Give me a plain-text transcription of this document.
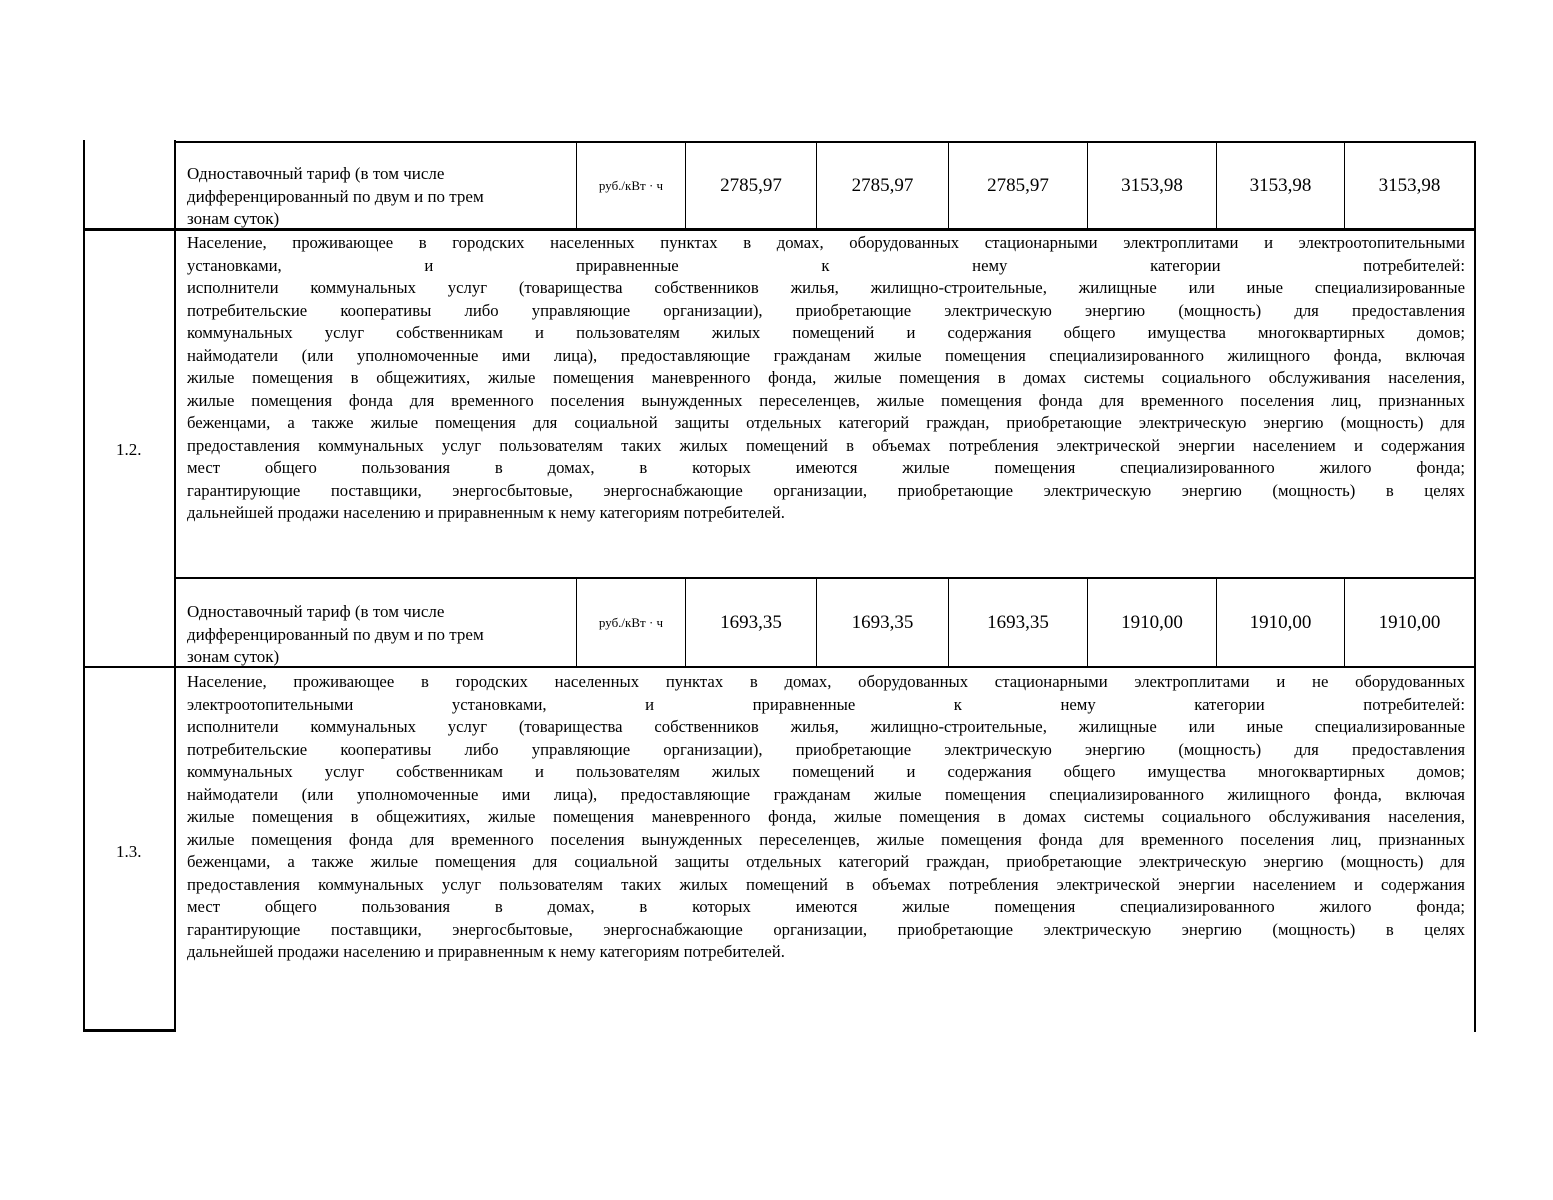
Одноставочный тариф (в том числе
дифференцированный по двум и по трем
зонам суток)
руб./кВт · ч	2785,97	2785,97	2785,97	3153,98	3153,98	3153,98
1.2.
Население, проживающее в городских населенных пунктах в домах, оборудованных стационарными электроплитами и электроотопительными
установками, и приравненные к нему категории потребителей:
исполнители коммунальных услуг (товарищества собственников жилья, жилищно-строительные, жилищные или иные специализированные
потребительские кооперативы либо управляющие организации), приобретающие электрическую энергию (мощность) для предоставления
коммунальных услуг собственникам и пользователям жилых помещений и содержания общего имущества многоквартирных домов;
наймодатели (или уполномоченные ими лица), предоставляющие гражданам жилые помещения специализированного жилищного фонда, включая
жилые помещения в общежитиях, жилые помещения маневренного фонда, жилые помещения в домах системы социального обслуживания населения,
жилые помещения фонда для временного поселения вынужденных переселенцев, жилые помещения фонда для временного поселения лиц, признанных
беженцами, а также жилые помещения для социальной защиты отдельных категорий граждан, приобретающие электрическую энергию (мощность) для
предоставления коммунальных услуг пользователям таких жилых помещений в объемах потребления электрической энергии населением и содержания
мест общего пользования в домах, в которых имеются жилые помещения специализированного жилого фонда;
гарантирующие поставщики, энергосбытовые, энергоснабжающие организации, приобретающие электрическую энергию (мощность) в целях
дальнейшей продажи населению и приравненным к нему категориям потребителей.
Одноставочный тариф (в том числе
дифференцированный по двум и по трем
зонам суток)
руб./кВт · ч	1693,35	1693,35	1693,35	1910,00	1910,00	1910,00
1.3.
Население, проживающее в городских населенных пунктах в домах, оборудованных стационарными электроплитами и не оборудованных
электроотопительными установками, и приравненные к нему категории потребителей:
исполнители коммунальных услуг (товарищества собственников жилья, жилищно-строительные, жилищные или иные специализированные
потребительские кооперативы либо управляющие организации), приобретающие электрическую энергию (мощность) для предоставления
коммунальных услуг собственникам и пользователям жилых помещений и содержания общего имущества многоквартирных домов;
наймодатели (или уполномоченные ими лица), предоставляющие гражданам жилые помещения специализированного жилищного фонда, включая
жилые помещения в общежитиях, жилые помещения маневренного фонда, жилые помещения в домах системы социального обслуживания населения,
жилые помещения фонда для временного поселения вынужденных переселенцев, жилые помещения фонда для временного поселения лиц, признанных
беженцами, а также жилые помещения для социальной защиты отдельных категорий граждан, приобретающие электрическую энергию (мощность) для
предоставления коммунальных услуг пользователям таких жилых помещений в объемах потребления электрической энергии населением и содержания
мест общего пользования в домах, в которых имеются жилые помещения специализированного жилого фонда;
гарантирующие поставщики, энергосбытовые, энергоснабжающие организации, приобретающие электрическую энергию (мощность) в целях
дальнейшей продажи населению и приравненным к нему категориям потребителей.
